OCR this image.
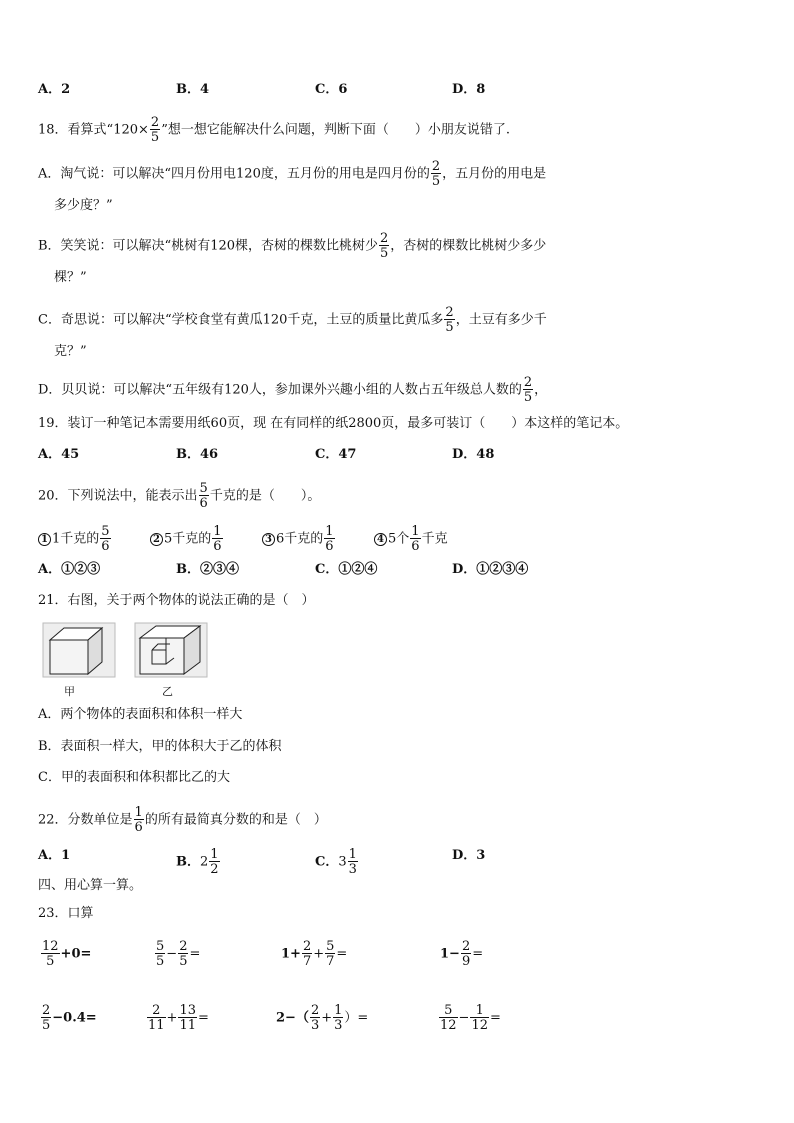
A．2	B．4	C．6	D．8
18．看算式“$120\times \frac{2}{5}$ ”想一想它能解决什么问题，判断下面（　　）小朋友说错了.
A．淘气说：可以解决“四月份用电120度，五月份的用电是四月份的 $\frac{2}{5}$ ，五月份的用电是
多少度？”
B．笑笑说：可以解决“桃树有120棵，杏树的棵数比桃树少 $\frac{2}{5}$ ，杏树的棵数比桃树少多少
棵？”
C．奇思说：可以解决“学校食堂有黄瓜120千克，土豆的质量比黄瓜多 $\frac{2}{5}$ ，土豆有多少千
克？”
D．贝贝说：可以解决“五年级有120人，参加课外兴趣小组的人数占五年级总人数的 $\frac{2}{5}$ ，
19．装订一种笔记本需要用纸60页，现 在有同样的纸2800页，最多可装订（　　）本这样的笔记本。
A．45	B．46	C．47	D．48
20．下列说法中，能表示出 $\frac{5}{6}$ 千克的是（　　）。
1 1千克的 $\frac{5}{6}$	2 5千克的 $\frac{1}{6}$	3 6千克的 $\frac{1}{6}$	4 5个 $\frac{1}{6}$ 千克
A．①②③	B．②③④	C．①②④	D．①②③④
21．右图，关于两个物体的说法正确的是（　）
甲	乙
A．两个物体的表面积和体积一样大
B．表面积一样大，甲的体积大于乙的体积
C．甲的表面积和体积都比乙的大
22．分数单位是 $\frac{1}{6}$ 的所有最简真分数的和是（　）
A．1	B．$2 \frac{1}{2}$	C．$3 \frac{1}{3}$	D．3
四、用心算一算。
23．口算
$\frac{12}{5} +0=$	$\frac{5}{5} - \frac{2}{5}$ =	$1+ \frac{2}{7} + \frac{5}{7}$ =	$1- \frac{2}{9}$ =
$\frac{2}{5} -0.4=$	$\frac{2}{11} + \frac{13}{11}$ =	$2-( \frac{2}{3} + \frac{1}{3}$ ）=	$\frac{5}{12} - \frac{1}{12}$ =
